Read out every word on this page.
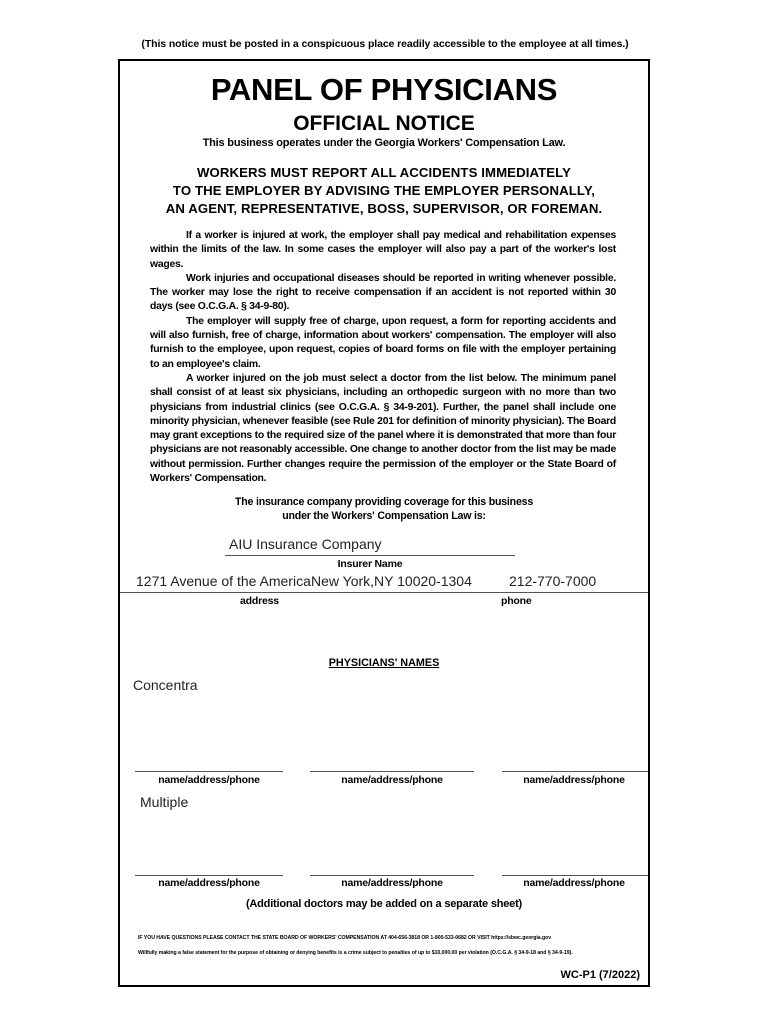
(This notice must be posted in a conspicuous place readily accessible to the employee at all times.)
PANEL OF PHYSICIANS
OFFICIAL NOTICE
This business operates under the Georgia Workers' Compensation Law.
WORKERS MUST REPORT ALL ACCIDENTS IMMEDIATELY
TO THE EMPLOYER BY ADVISING THE EMPLOYER PERSONALLY,
AN AGENT, REPRESENTATIVE, BOSS, SUPERVISOR, OR FOREMAN.

If a worker is injured at work, the employer shall pay medical and rehabilitation expenses within the limits of the law. In some cases the employer will also pay a part of the worker's lost wages.

Work injuries and occupational diseases should be reported in writing whenever possible. The worker may lose the right to receive compensation if an accident is not reported within 30 days (see O.C.G.A. § 34-9-80).

The employer will supply free of charge, upon request, a form for reporting accidents and will also furnish, free of charge, information about workers' compensation. The employer will also furnish to the employee, upon request, copies of board forms on file with the employer pertaining to an employee's claim.

A worker injured on the job must select a doctor from the list below. The minimum panel shall consist of at least six physicians, including an orthopedic surgeon with no more than two physicians from industrial clinics (see O.C.G.A. § 34-9-201). Further, the panel shall include one minority physician, whenever feasible (see Rule 201 for definition of minority physician). The Board may grant exceptions to the required size of the panel where it is demonstrated that more than four physicians are not reasonably accessible. One change to another doctor from the list may be made without permission. Further changes require the permission of the employer or the State Board of Workers' Compensation.

The insurance company providing coverage for this business
under the Workers' Compensation Law is:
AIU Insurance Company
Insurer Name
1271 Avenue of the America New York,NY 10020-1304	212-770-7000
address	phone
PHYSICIANS' NAMES
Concentra
name/address/phone	name/address/phone	name/address/phone
Multiple
name/address/phone	name/address/phone	name/address/phone
(Additional doctors may be added on a separate sheet)
IF YOU HAVE QUESTIONS PLEASE CONTACT THE STATE BOARD OF WORKERS' COMPENSATION AT 404-656-3818 OR 1-800-533-0682 OR VISIT https://sbwc.georgia.gov
Willfully making a false statement for the purpose of obtaining or denying benefits is a crime subject to penalties of up to $10,000.00 per violation (O.C.G.A. § 34-9-18 and § 34-9-19).
WC-P1 (7/2022)
